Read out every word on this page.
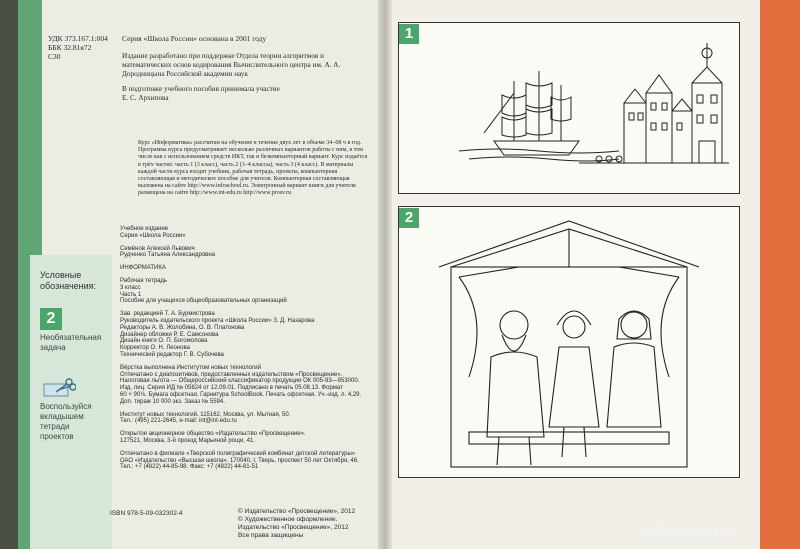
УДК 373.167.1:004
ББК 32.81я72
С30
Серия «Школа России» основана в 2001 году
Издание разработано при поддержке Отдела теории алгоритмов и математических основ кодирования Вычислительного центра им. А. А. Дородницына Российской академии наук
В подготовке учебного пособия принимала участие
Е. С. Архипова
Курс «Информатика» рассчитан на обучение в течение двух лет в объеме 34–68 ч в год. Программа курса предусматривает несколько различных вариантов работы с ним, в том числе как с использованием средств ИКТ, так и безкомпьютерный вариант. Курс издаётся в трёх частях: часть 1 (3 класс), часть 2 (3–4 классы), часть 3 (4 класс). В материалы каждой части курса входят учебник, рабочая тетрадь, проекты, компьютерная составляющая и методическое пособие для учителя. Компьютерная составляющая выложена на сайте http://www.infoschool.ru. Электронный вариант книги для учителя размещена на сайте http://www.int-edu.ru http://www.prosv.ru
Учебное издание
Серия «Школа России»
Семёнов Алексей Львович
Рудченко Татьяна Александровна
ИНФОРМАТИКА
Рабочая тетрадь
3 класс
Часть 1
Пособие для учащихся общеобразовательных организаций
Зав. редакцией Т. А. Бурмистрова
Руководитель издательского проекта «Школа России» З. Д. Назарова
Редакторы А. В. Жолобина, О. В. Платонова
Дизайнер обложки Р. Е. Самсонова
Дизайн книги О. П. Богомолова
Корректор О. Н. Леонова
Технический редактор Г. В. Субочева
Вёрстка выполнена Институтом новых технологий
Отпечатано с диапозитивов, предоставленных издательством «Просвещение».
Налоговая льгота — Общероссийский классификатор продукции ОК 005-93—953000.
Изд. лиц. Серия ИД № 05824 от 12.09.01. Подписано в печать 05.08.13. Формат
60 × 90⅛. Бумага офсетная. Гарнитура SchoolBook. Печать офсетная. Уч.-изд. л. 4,29.
Доп. тираж 10 000 экз. Заказ № 5594.
Институт новых технологий. 115162, Москва, ул. Мытная, 50.
Тел.: (495) 221-2645, e-mail: int@int-edu.ru
Открытое акционерное общество «Издательство «Просвещение».
127521, Москва, 3-й проезд Марьиной рощи, 41.
Отпечатано в филиале «Тверской полиграфический комбинат детской литературы»
ОАО «Издательство «Высшая школа». 170040, г. Тверь, проспект 50 лет Октября, 46.
Тел.: +7 (4822) 44-85-98. Факс: +7 (4822) 44-61-51
Условные
обозначения:
2
Необязательная
задача
Воспользуйся
вкладышем
тетради
проектов
ISBN 978-5-09-032302-4	© Издательство «Просвещение», 2012
© Художественное оформление.
Издательство «Просвещение», 2012
Все права защищены
1
2
лабиринт.ру
